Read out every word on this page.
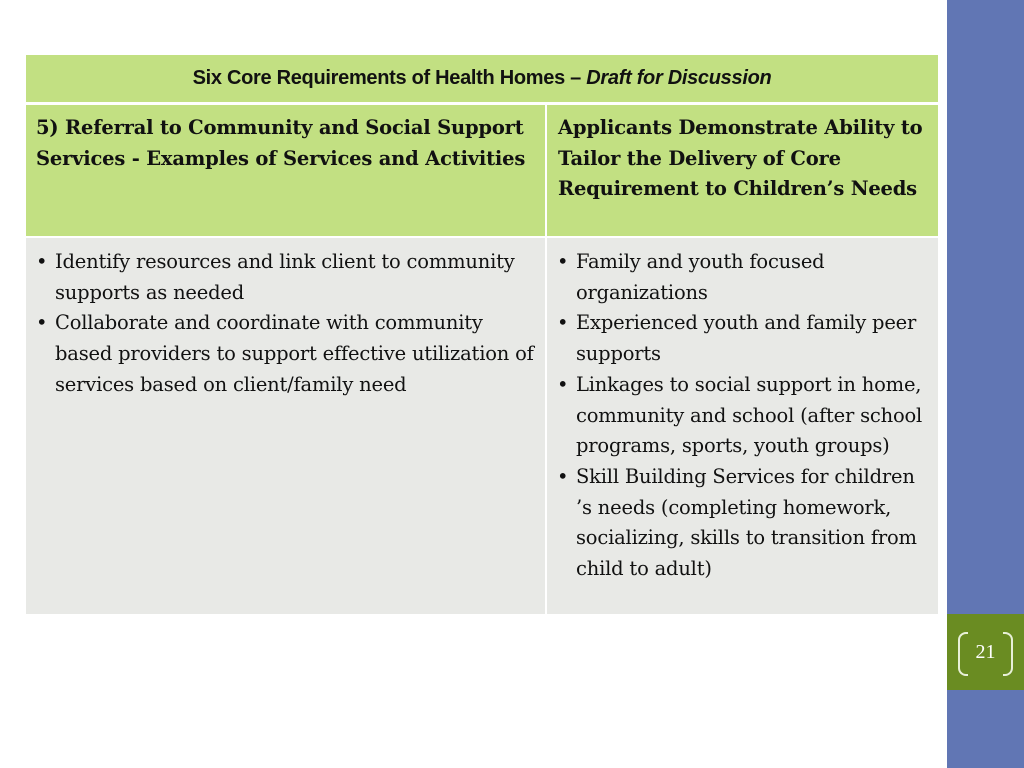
Six Core Requirements of Health Homes –
Draft for Discussion
5) Referral to Community and Social Support Services - Examples of Services and Activities
Applicants Demonstrate Ability to Tailor the Delivery of Core Requirement to Children’s Needs
• Identify resources and link client to community supports as needed
• Collaborate and coordinate with community based providers to support effective utilization of services based on client/family need
• Family and youth focused organizations
• Experienced youth and family peer supports
• Linkages to social support in home, community and school (after school programs, sports, youth groups)
• Skill Building Services for children ’s needs (completing homework, socializing, skills to transition from child to adult)
21
